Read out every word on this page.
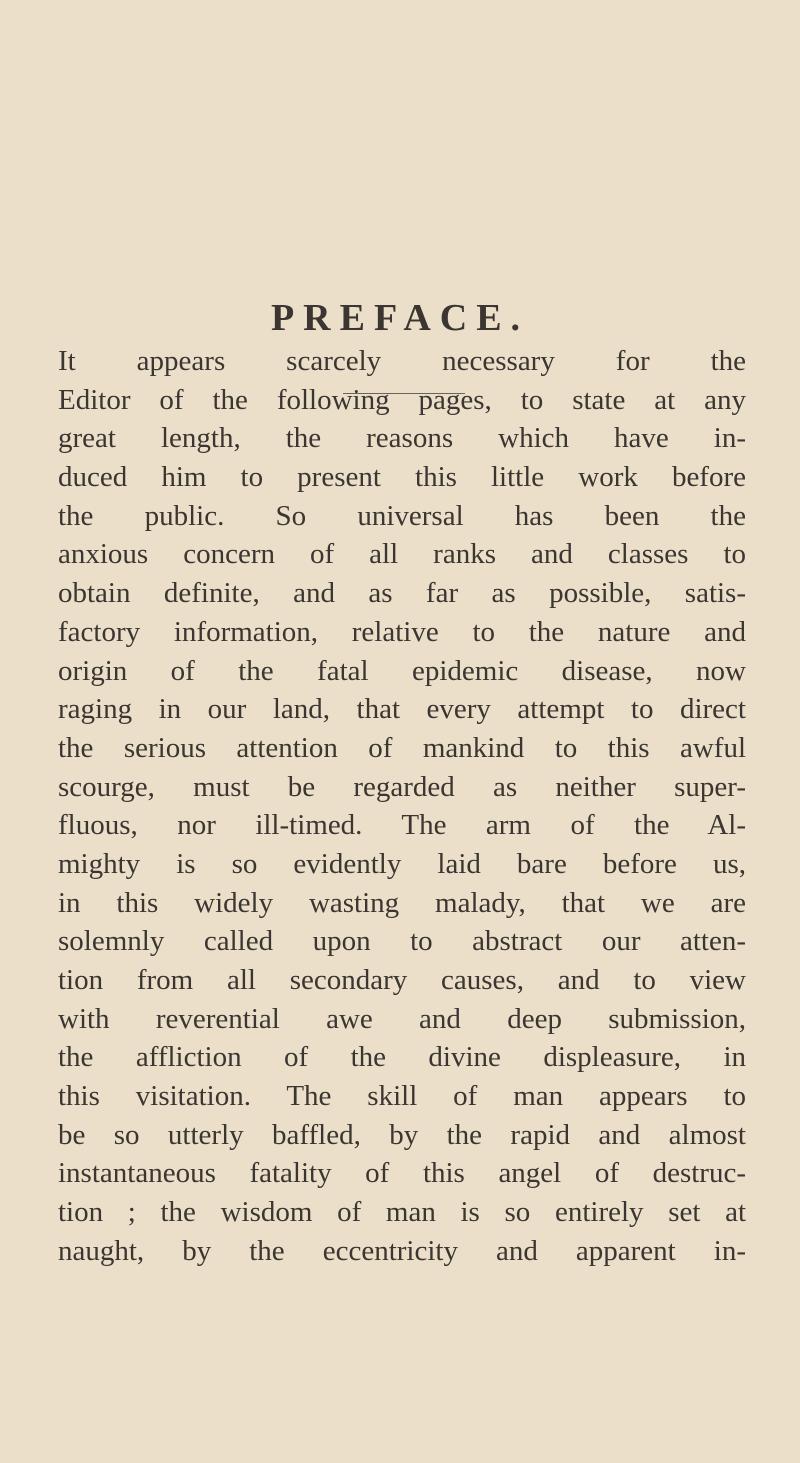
PREFACE.
It appears scarcely necessary for the
Editor of the following pages, to state at any
great length, the reasons which have in-
duced him to present this little work before
the public. So universal has been the
anxious concern of all ranks and classes to
obtain definite, and as far as possible, satis-
factory information, relative to the nature and
origin of the fatal epidemic disease, now
raging in our land, that every attempt to direct
the serious attention of mankind to this awful
scourge, must be regarded as neither super-
fluous, nor ill-timed. The arm of the Al-
mighty is so evidently laid bare before us,
in this widely wasting malady, that we are
solemnly called upon to abstract our atten-
tion from all secondary causes, and to view
with reverential awe and deep submission,
the affliction of the divine displeasure, in
this visitation. The skill of man appears to
be so utterly baffled, by the rapid and almost
instantaneous fatality of this angel of destruc-
tion ; the wisdom of man is so entirely set at
naught, by the eccentricity and apparent in-
